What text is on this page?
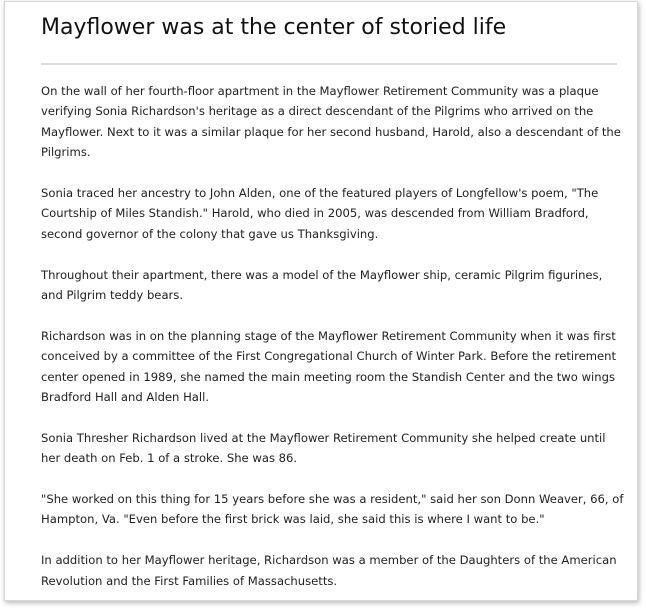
Mayflower was at the center of storied life

On the wall of her fourth-floor apartment in the Mayflower Retirement Community was a plaque verifying Sonia Richardson's heritage as a direct descendant of the Pilgrims who arrived on the Mayflower. Next to it was a similar plaque for her second husband, Harold, also a descendant of the Pilgrims.

Sonia traced her ancestry to John Alden, one of the featured players of Longfellow's poem, "The Courtship of Miles Standish." Harold, who died in 2005, was descended from William Bradford, second governor of the colony that gave us Thanksgiving.

Throughout their apartment, there was a model of the Mayflower ship, ceramic Pilgrim figurines, and Pilgrim teddy bears.

Richardson was in on the planning stage of the Mayflower Retirement Community when it was first conceived by a committee of the First Congregational Church of Winter Park. Before the retirement center opened in 1989, she named the main meeting room the Standish Center and the two wings Bradford Hall and Alden Hall.

Sonia Thresher Richardson lived at the Mayflower Retirement Community she helped create until her death on Feb. 1 of a stroke. She was 86.

"She worked on this thing for 15 years before she was a resident," said her son Donn Weaver, 66, of Hampton, Va. "Even before the first brick was laid, she said this is where I want to be."

In addition to her Mayflower heritage, Richardson was a member of the Daughters of the American Revolution and the First Families of Massachusetts.
